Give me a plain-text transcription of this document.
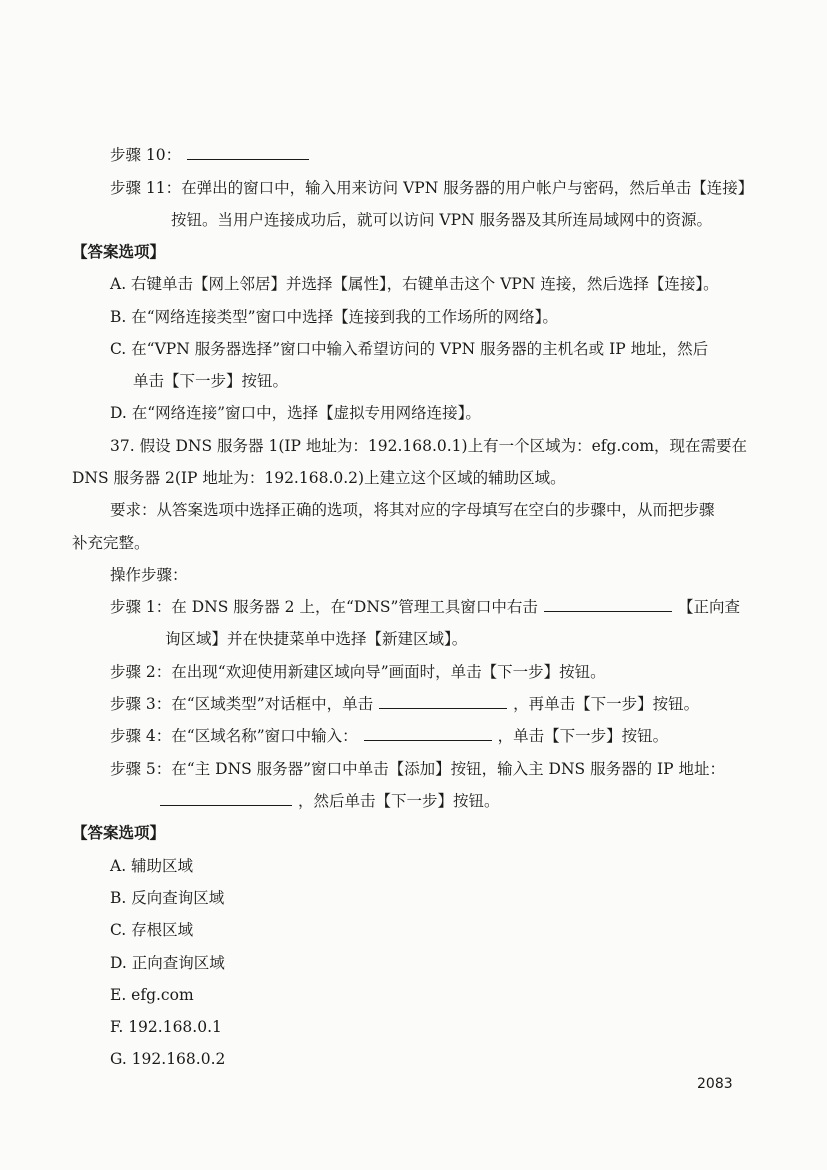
步骤 10：
步骤 11：在弹出的窗口中，输入用来访问 VPN 服务器的用户帐户与密码，然后单击【连接】
按钮。当用户连接成功后，就可以访问 VPN 服务器及其所连局域网中的资源。
【答案选项】
A. 右键单击【网上邻居】并选择【属性】，右键单击这个 VPN 连接，然后选择【连接】。
B. 在“网络连接类型”窗口中选择【连接到我的工作场所的网络】。
C. 在“VPN 服务器选择”窗口中输入希望访问的 VPN 服务器的主机名或 IP 地址，然后
单击【下一步】按钮。
D. 在“网络连接”窗口中，选择【虚拟专用网络连接】。
37. 假设 DNS 服务器 1(IP 地址为：192.168.0.1)上有一个区域为：efg.com，现在需要在
DNS 服务器 2(IP 地址为：192.168.0.2)上建立这个区域的辅助区域。
要求：从答案选项中选择正确的选项，将其对应的字母填写在空白的步骤中，从而把步骤
补充完整。
操作步骤：
步骤 1：在 DNS 服务器 2 上，在“DNS”管理工具窗口中右击	【正向查
询区域】并在快捷菜单中选择【新建区域】。
步骤 2：在出现“欢迎使用新建区域向导”画面时，单击【下一步】按钮。
步骤 3：在“区域类型”对话框中，单击	，再单击【下一步】按钮。
步骤 4：在“区域名称”窗口中输入：	，单击【下一步】按钮。
步骤 5：在“主 DNS 服务器”窗口中单击【添加】按钮，输入主 DNS 服务器的 IP 地址：
，然后单击【下一步】按钮。
【答案选项】
A. 辅助区域
B. 反向查询区域
C. 存根区域
D. 正向查询区域
E. efg.com
F. 192.168.0.1
G. 192.168.0.2
2083
